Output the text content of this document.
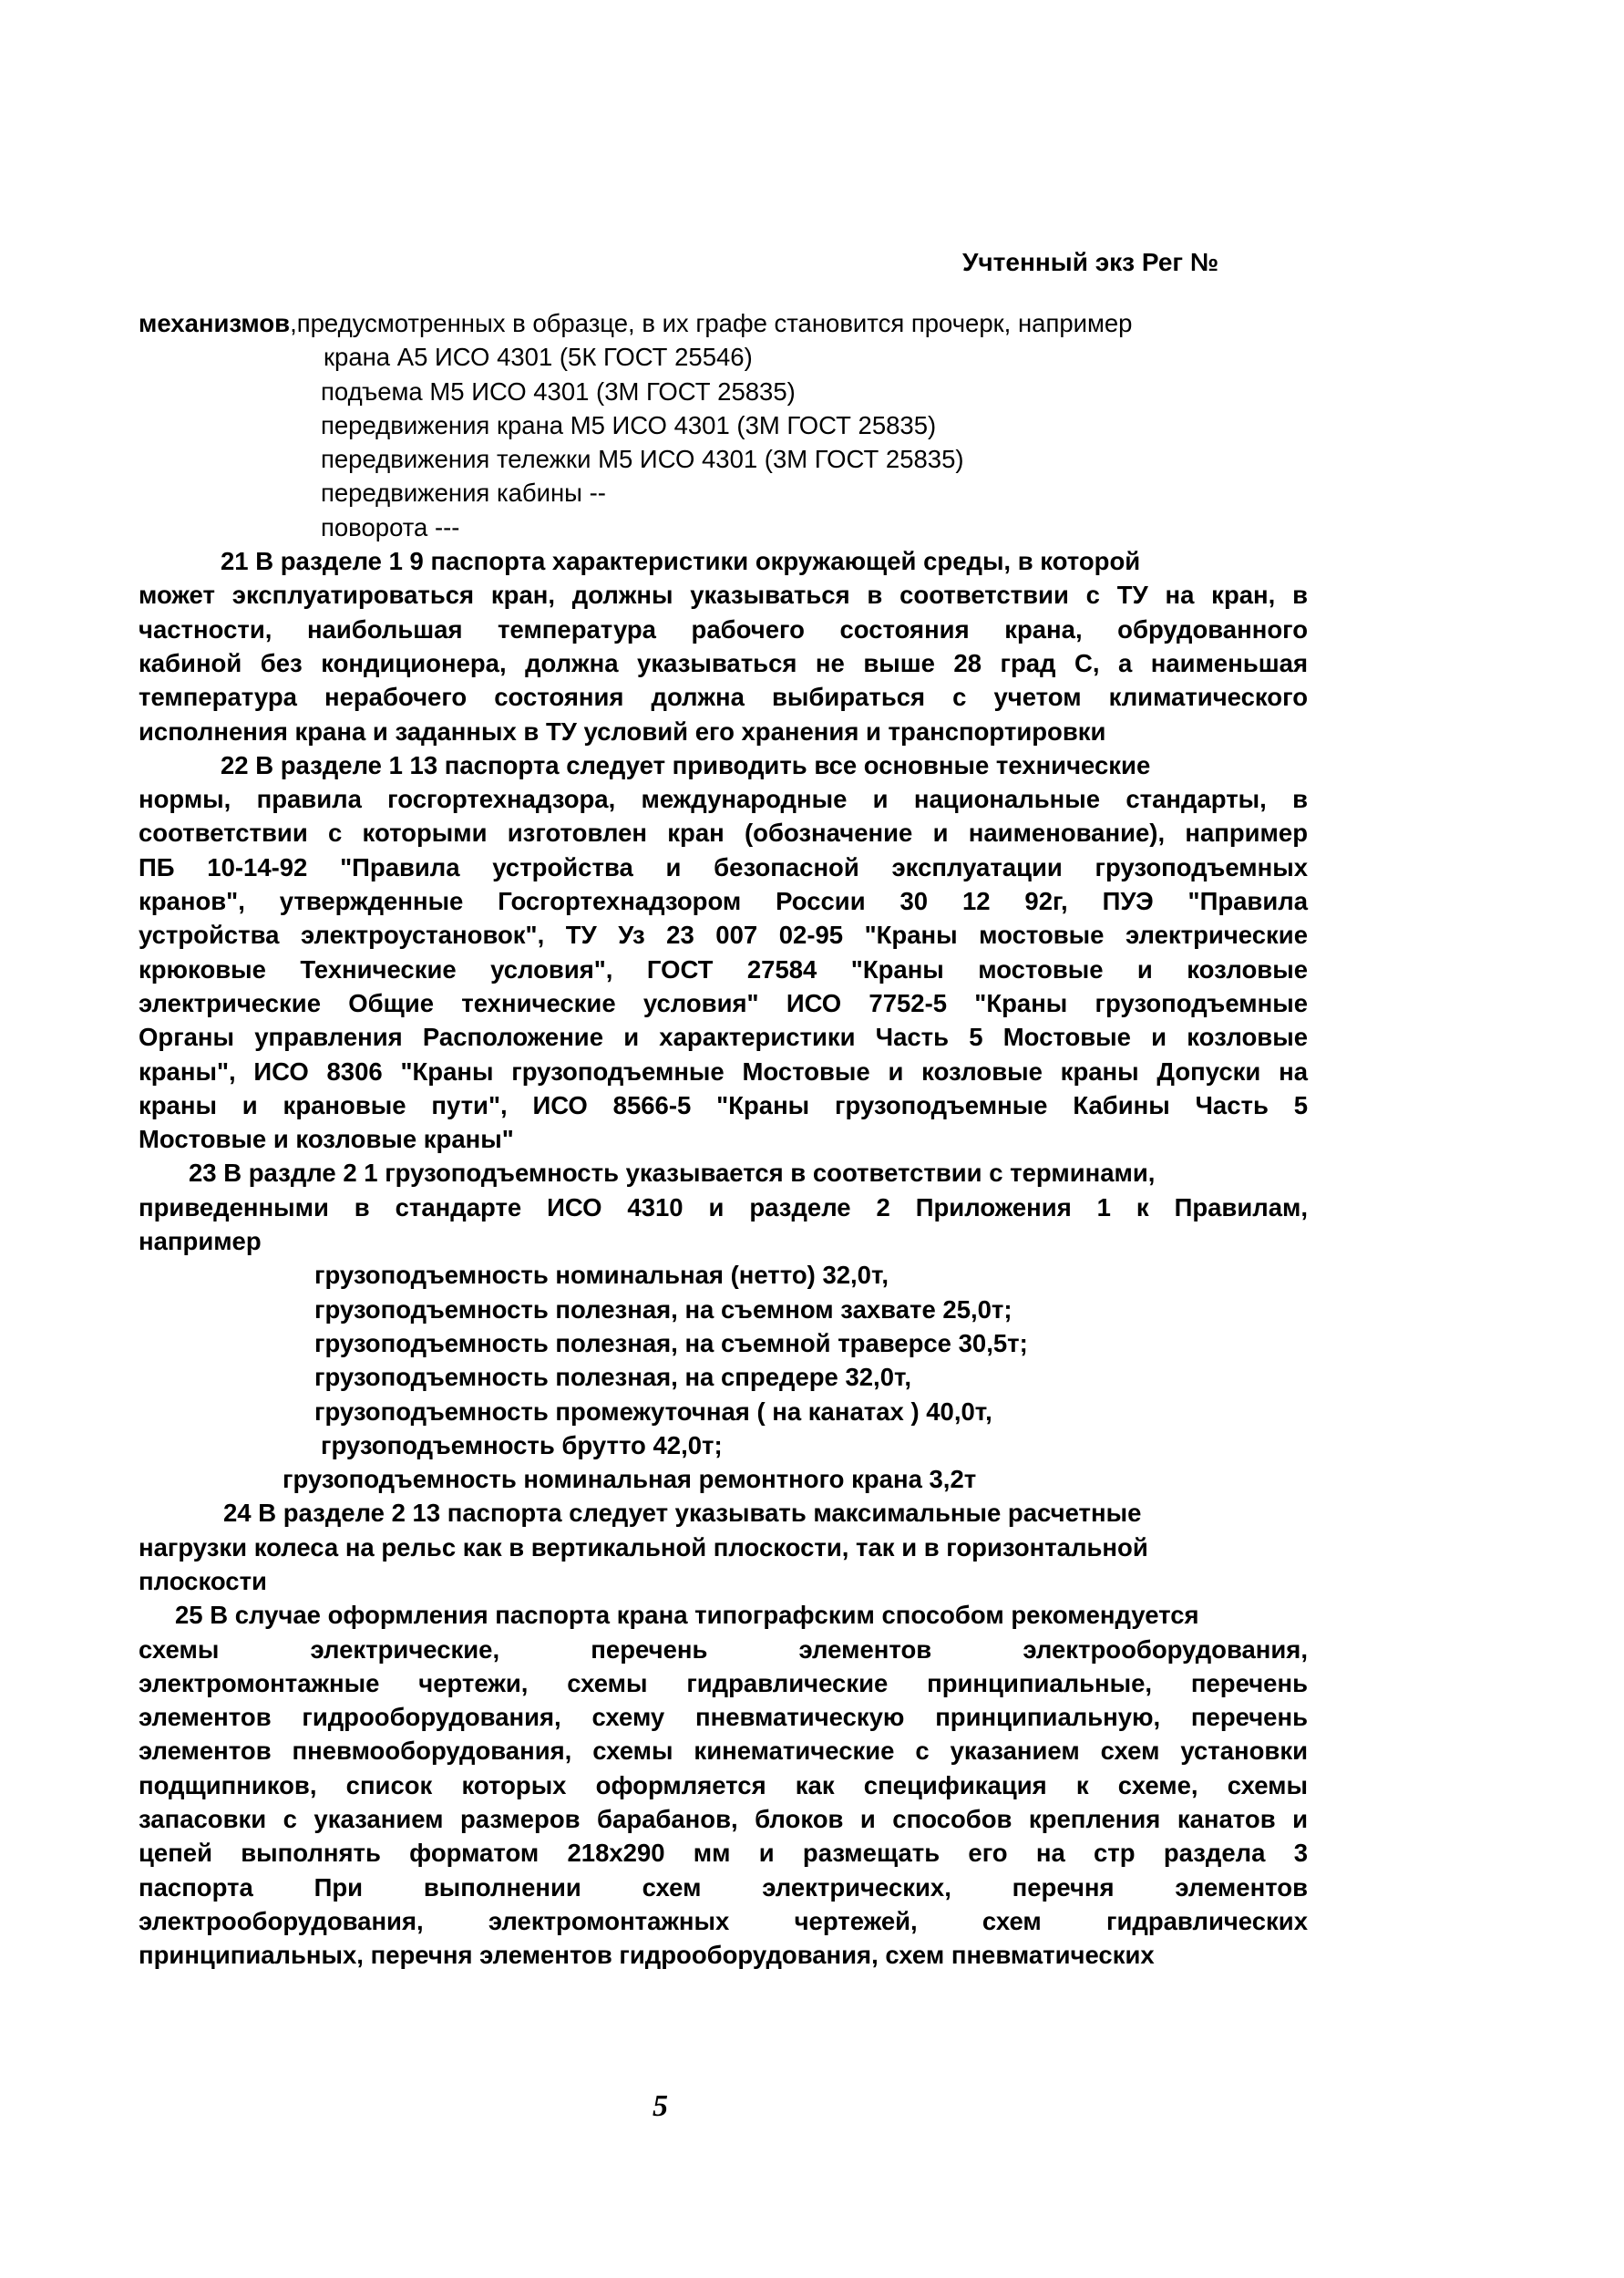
Учтенный экз Рег №
механизмов,предусмотренных в образце, в их графе становится прочерк, например
крана А5 ИСО 4301 (5К ГОСТ 25546)
подъема М5 ИСО 4301 (3М ГОСТ 25835)
передвижения крана М5 ИСО 4301 (3М ГОСТ 25835)
передвижения тележки М5 ИСО 4301 (3М ГОСТ 25835)
передвижения кабины --
поворота ---
21 В разделе 1 9 паспорта характеристики окружающей среды, в которой
может эксплуатироваться кран, должны указываться в соответствии с ТУ на кран, в
частности, наибольшая температура рабочего состояния крана, обрудованного
кабиной без кондиционера, должна указываться не выше 28 град С, а наименьшая
температура нерабочего состояния должна выбираться с учетом климатического
исполнения крана и заданных в ТУ условий его хранения и транспортировки
22 В разделе 1 13 паспорта следует приводить все основные технические
нормы, правила госгортехнадзора, международные и национальные стандарты, в
соответствии с которыми изготовлен кран (обозначение и наименование), например
ПБ 10-14-92 "Правила устройства и безопасной эксплуатации грузоподъемных
кранов", утвержденные Госгортехнадзором России 30 12 92г, ПУЭ "Правила
устройства электроустановок", ТУ Уз 23 007 02-95 "Краны мостовые электрические
крюковые Технические условия", ГОСТ 27584 "Краны мостовые и козловые
электрические Общие технические условия" ИСО 7752-5 "Краны грузоподъемные
Органы управления Расположение и характеристики Часть 5 Мостовые и козловые
краны", ИСО 8306 "Краны грузоподъемные Мостовые и козловые краны Допуски на
краны и крановые пути", ИСО 8566-5 "Краны грузоподъемные Кабины Часть 5
Мостовые и козловые краны"
23 В раздле 2 1 грузоподъемность указывается в соответствии с терминами,
приведенными в стандарте ИСО 4310 и разделе 2 Приложения 1 к Правилам,
например
грузоподъемность номинальная (нетто) 32,0т,
грузоподъемность полезная, на съемном захвате 25,0т;
грузоподъемность полезная, на съемной траверсе 30,5т;
грузоподъемность полезная, на спредере 32,0т,
грузоподъемность промежуточная ( на канатах ) 40,0т,
грузоподъемность брутто 42,0т;
грузоподъемность номинальная ремонтного крана 3,2т
24 В разделе 2 13 паспорта следует указывать максимальные расчетные
нагрузки колеса на рельс как в вертикальной плоскости, так и в горизонтальной
плоскости
25 В случае оформления паспорта крана типографским способом рекомендуется
схемы электрические, перечень элементов электрооборудования,
электромонтажные чертежи, схемы гидравлические принципиальные, перечень
элементов гидрооборудования, схему пневматическую принципиальную, перечень
элементов пневмооборудования, схемы кинематические с указанием схем установки
подщипников, список которых оформляется как спецификация к схеме, схемы
запасовки с указанием размеров барабанов, блоков и способов крепления канатов и
цепей выполнять форматом 218х290 мм и размещать его на стр раздела 3
паспорта При выполнении схем электрических, перечня элементов
электрооборудования, электромонтажных чертежей, схем гидравлических
принципиальных, перечня элементов гидрооборудования, схем пневматических
5
